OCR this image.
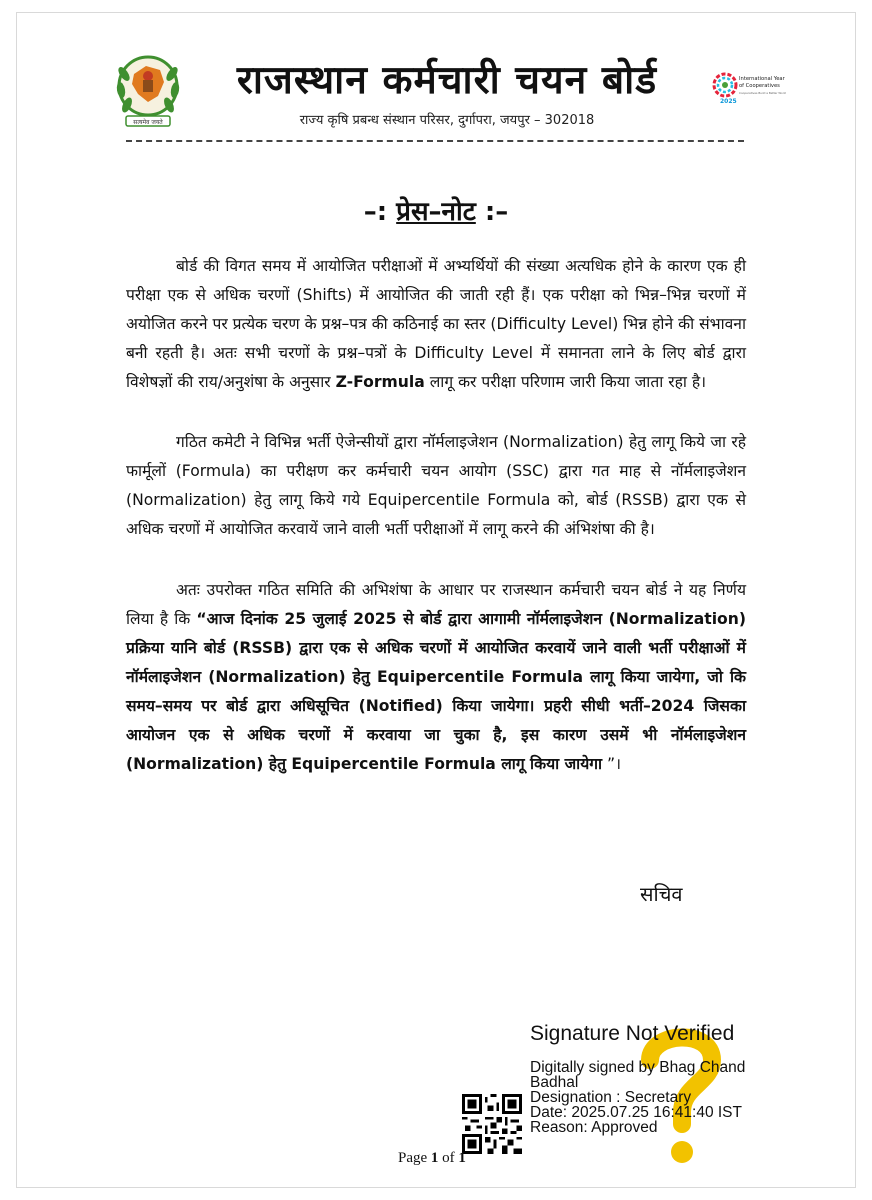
सत्यमेव जयते
राजस्थान कर्मचारी चयन बोर्ड
राज्य कृषि प्रबन्ध संस्थान परिसर, दुर्गापरा, जयपुर – 302018
2025
International Year
of Cooperatives
Cooperatives Build a Better World
–: प्रेस–नोट :–

बोर्ड की विगत समय में आयोजित परीक्षाओं में अभ्यर्थियों की संख्या अत्यधिक होने के कारण एक ही परीक्षा एक से अधिक चरणों (Shifts) में आयोजित की जाती रही हैं। एक परीक्षा को भिन्न–भिन्न चरणों में अयोजित करने पर प्रत्येक चरण के प्रश्न–पत्र की कठिनाई का स्तर (Difficulty Level) भिन्न होने की संभावना बनी रहती है। अतः सभी चरणों के प्रश्न–पत्रों के Difficulty Level में समानता लाने के लिए बोर्ड द्वारा विशेषज्ञों की राय/अनुशंषा के अनुसार Z-Formula लागू कर परीक्षा परिणाम जारी किया जाता रहा है।

गठित कमेटी ने विभिन्न भर्ती ऐजेन्सीयों द्वारा नॉर्मलाइजेशन (Normalization) हेतु लागू किये जा रहे फार्मूलों (Formula) का परीक्षण कर कर्मचारी चयन आयोग (SSC) द्वारा गत माह से नॉर्मलाइजेशन (Normalization) हेतु लागू किये गये Equipercentile Formula को, बोर्ड (RSSB) द्वारा एक से अधिक चरणों में आयोजित करवायें जाने वाली भर्ती परीक्षाओं में लागू करने की अंभिशंषा की है।

अतः उपरोक्त गठित समिति की अभिशंषा के आधार पर राजस्थान कर्मचारी चयन बोर्ड ने यह निर्णय लिया है कि “आज दिनांक 25 जुलाई 2025 से बोर्ड द्वारा आगामी नॉर्मलाइजेशन (Normalization) प्रक्रिया यानि बोर्ड (RSSB) द्वारा एक से अधिक चरणों में आयोजित करवायें जाने वाली भर्ती परीक्षाओं में नॉर्मलाइजेशन (Normalization) हेतु Equipercentile Formula लागू किया जायेगा, जो कि समय–समय पर बोर्ड द्वारा अधिसूचित (Notified) किया जायेगा। प्रहरी सीधी भर्ती–2024 जिसका आयोजन एक से अधिक चरणों में करवाया जा चुका है, इस कारण उसमें भी नॉर्मलाइजेशन (Normalization) हेतु Equipercentile Formula लागू किया जायेगा ”।

सचिव
Signature Not Verified
Digitally signed by Bhag Chand
Badhal
Designation : Secretary
Date: 2025.07.25 16:41:40 IST
Reason: Approved
Page 1 of 1
